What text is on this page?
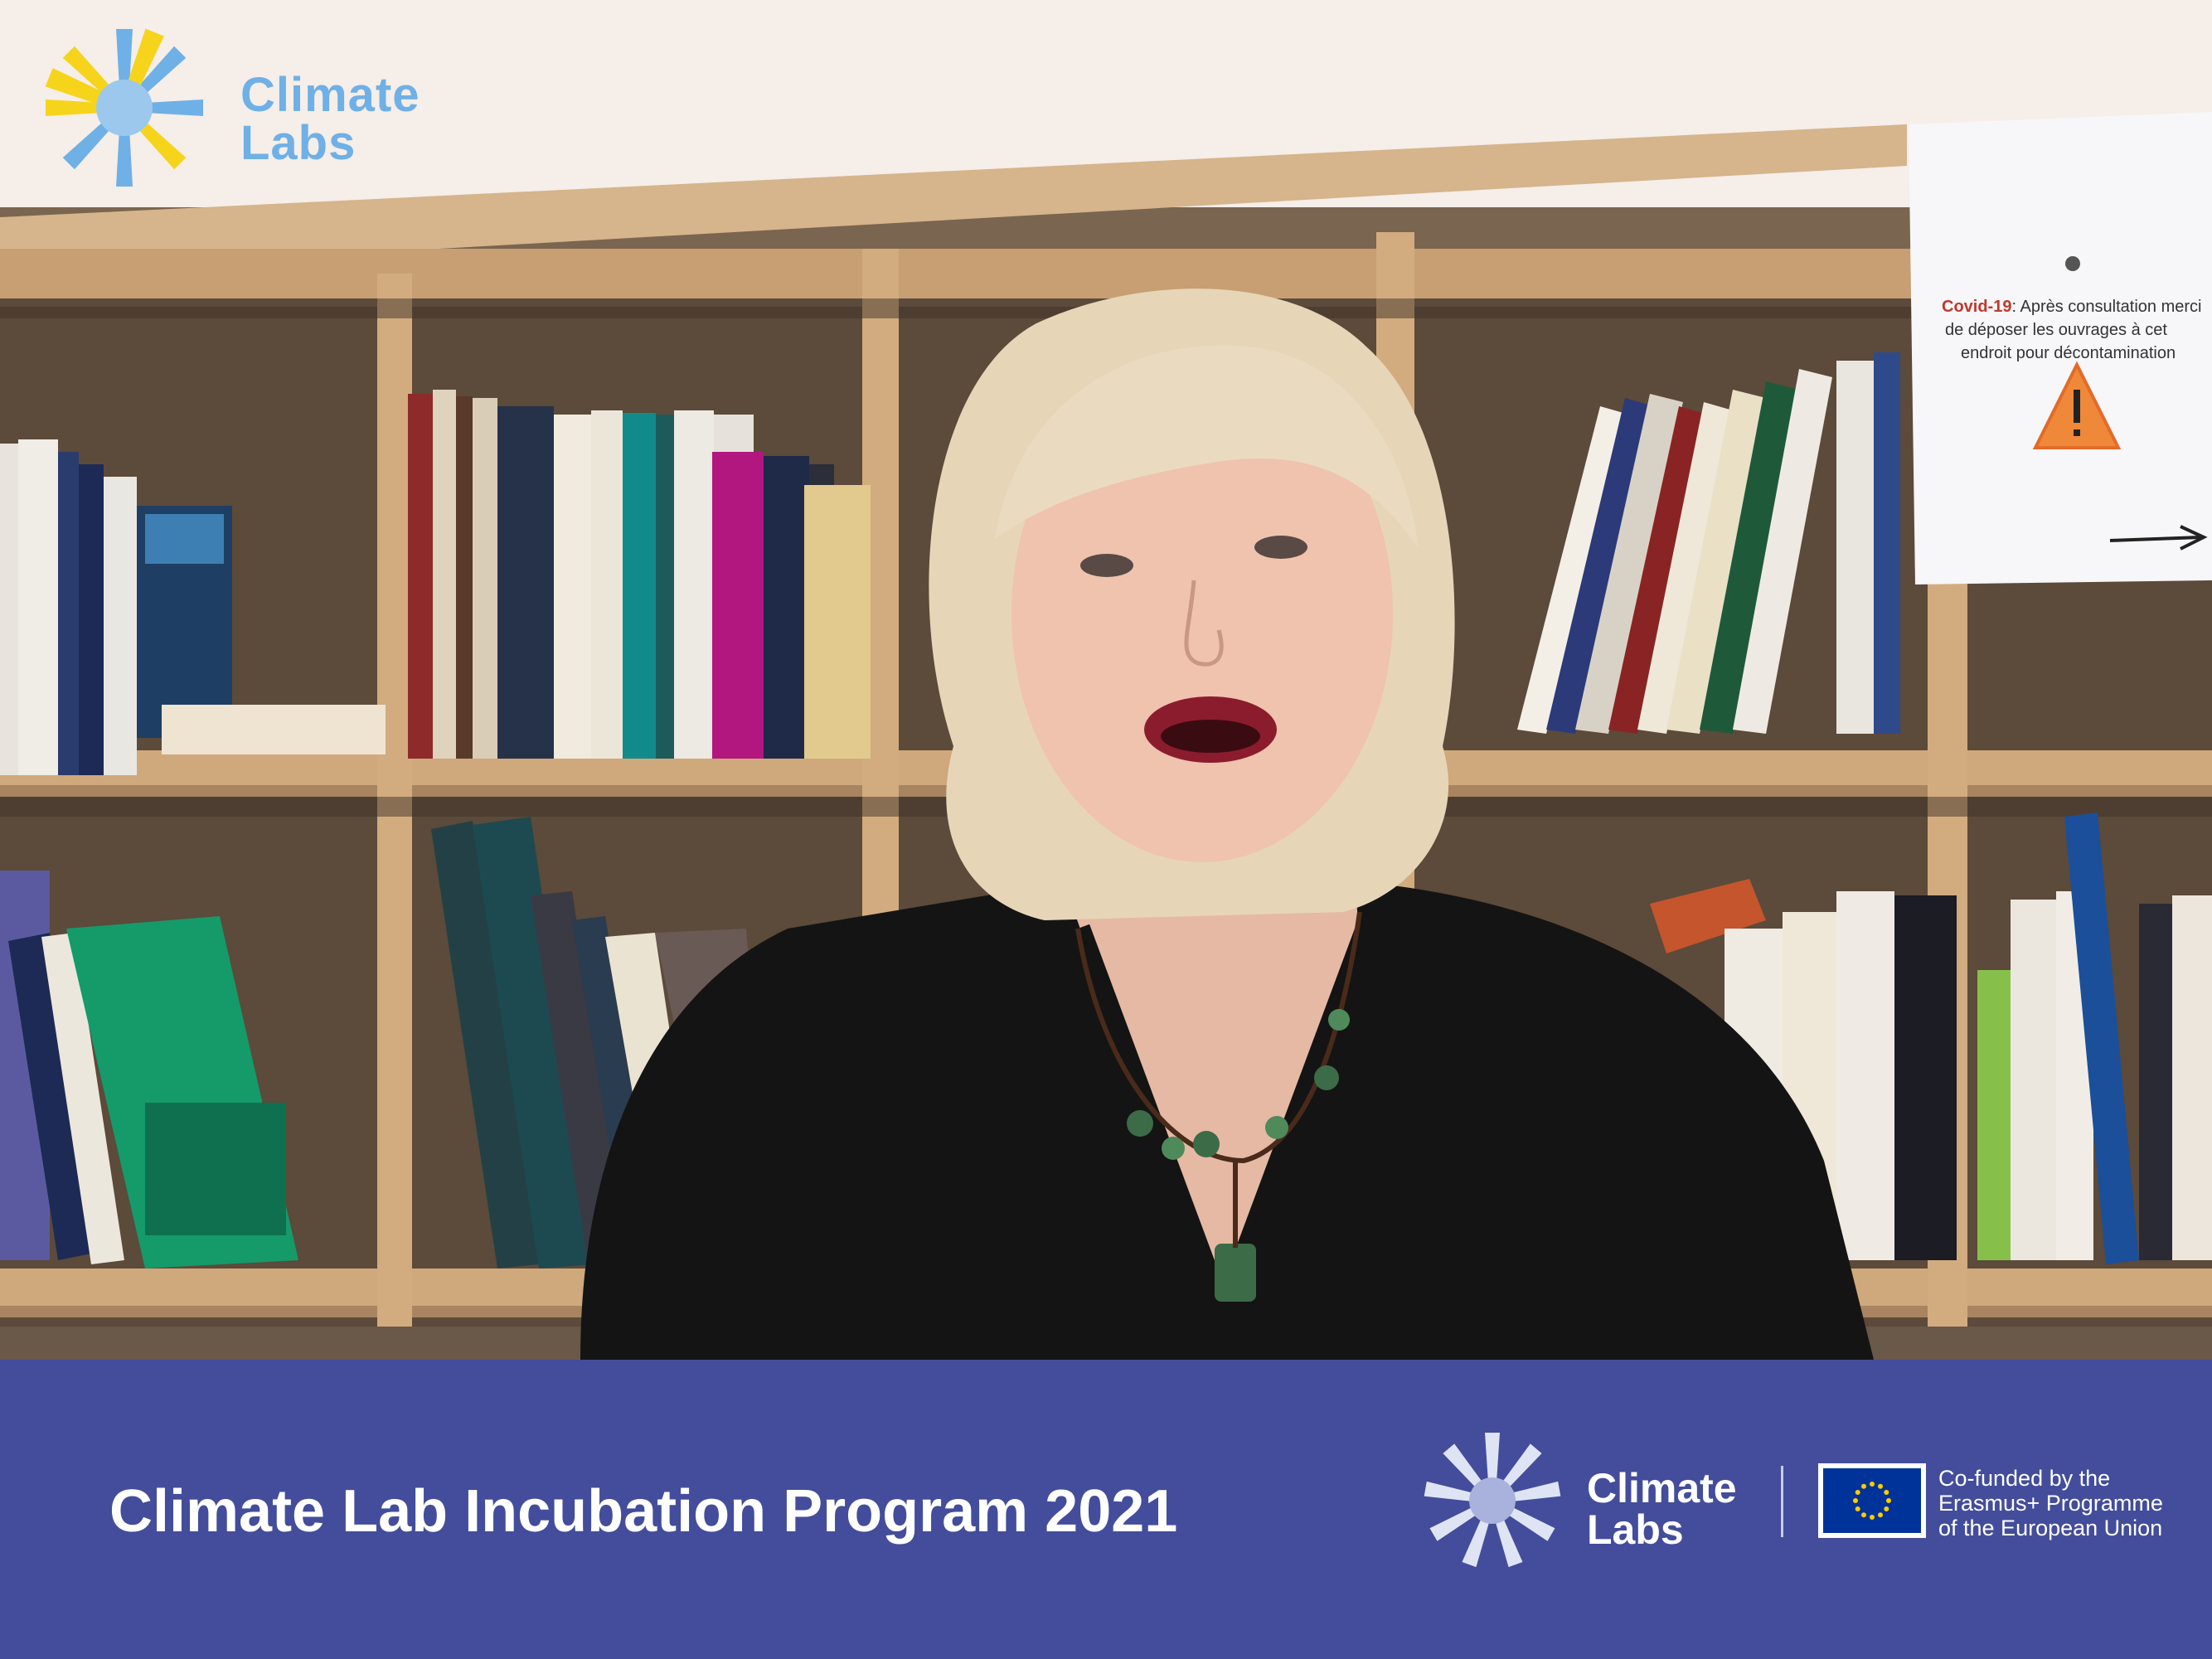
Covid-19: Après consultation merci
de déposer les ouvrages à cet
endroit pour décontamination
Climate
Labs
Climate Lab Incubation Program 2021	Climate
Labs
Co-funded by the
Erasmus+ Programme
of the European Union
